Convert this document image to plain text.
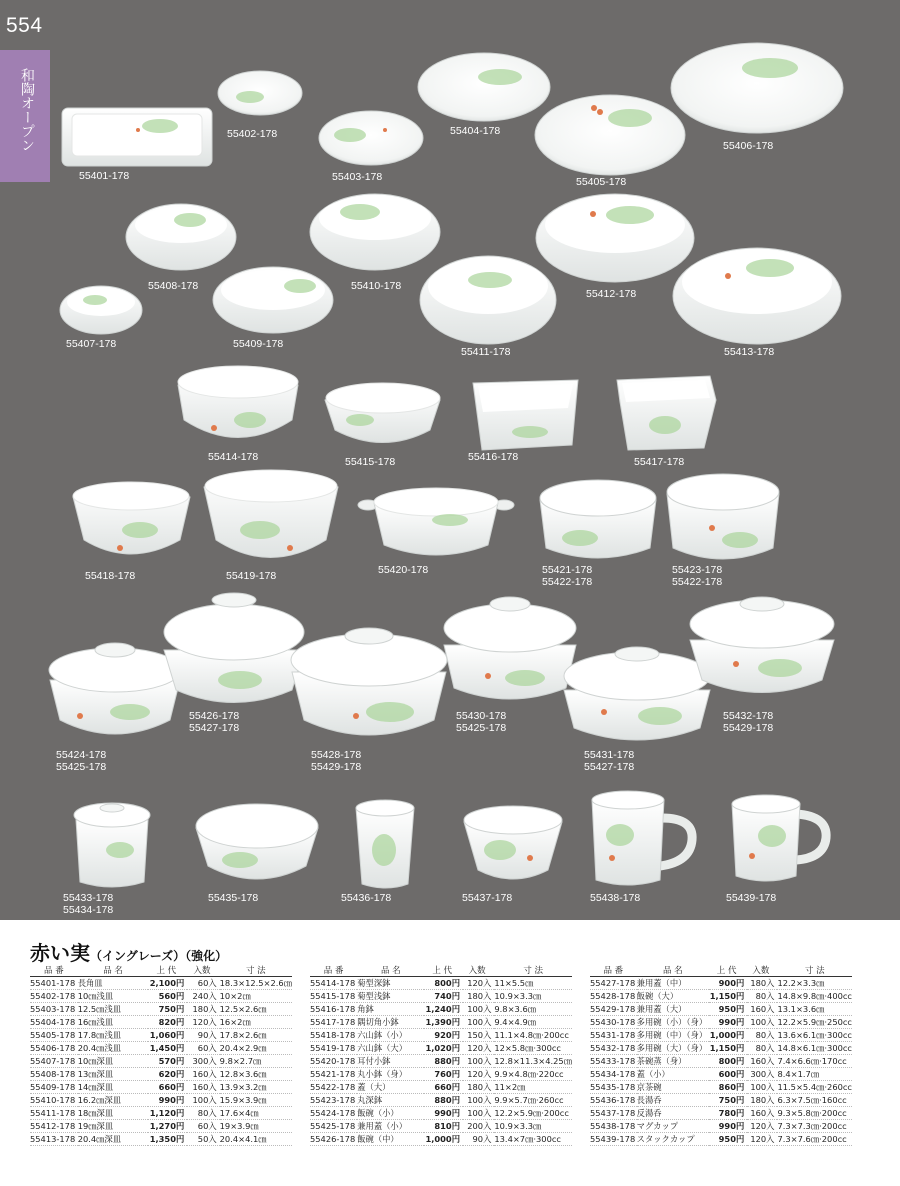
554
和陶オープン
55401-178
55402-178
55403-178
55404-178
55405-178
55406-178
55408-178	55410-178
55412-178
55407-178	55409-178
55411-178	55413-178
55414-178	55415-178	55416-178	55417-178
55418-178	55419-178	55420-178	55421-178
55422-178
55423-178
55422-178
55426-178
55427-178
55430-178
55425-178
55432-178
55429-178
55424-178
55425-178
55428-178
55429-178
55431-178
55427-178
55433-178
55434-178
55435-178	55436-178	55437-178	55438-178	55439-178
赤い実（イングレーズ）（強化）
品 番	品 名	上 代	入数	寸 法
55401-178	長角皿	2,100円	60入	18.3×12.5×2.6㎝
55402-178	10㎝浅皿	560円	240入	10×2㎝
55403-178	12.5㎝浅皿	750円	180入	12.5×2.6㎝
55404-178	16㎝浅皿	820円	120入	16×2㎝
55405-178	17.8㎝浅皿	1,060円	90入	17.8×2.6㎝
55406-178	20.4㎝浅皿	1,450円	60入	20.4×2.9㎝
55407-178	10㎝深皿	570円	300入	9.8×2.7㎝
55408-178	13㎝深皿	620円	160入	12.8×3.6㎝
55409-178	14㎝深皿	660円	160入	13.9×3.2㎝
55410-178	16.2㎝深皿	990円	100入	15.9×3.9㎝
55411-178	18㎝深皿	1,120円	80入	17.6×4㎝
55412-178	19㎝深皿	1,270円	60入	19×3.9㎝
55413-178	20.4㎝深皿	1,350円	50入	20.4×4.1㎝
品 番	品 名	上 代	入数	寸 法
55414-178	菊型深鉢	800円	120入	11×5.5㎝
55415-178	菊型浅鉢	740円	180入	10.9×3.3㎝
55416-178	角鉢	1,240円	100入	9.8×3.6㎝
55417-178	隅切角小鉢	1,390円	100入	9.4×4.9㎝
55418-178	六山鉢（小）	920円	150入	11.1×4.8㎝·200cc
55419-178	六山鉢（大）	1,020円	120入	12×5.8㎝·300cc
55420-178	耳付小鉢	880円	100入	12.8×11.3×4.25㎝
55421-178	丸小鉢（身）	760円	120入	9.9×4.8㎝·220cc
55422-178	蓋（大）	660円	180入	11×2㎝
55423-178	丸深鉢	880円	100入	9.9×5.7㎝·260cc
55424-178	飯碗（小）	990円	100入	12.2×5.9㎝·200cc
55425-178	兼用蓋（小）	810円	200入	10.9×3.3㎝
55426-178	飯碗（中）	1,000円	90入	13.4×7㎝·300cc
品 番	品 名	上 代	入数	寸 法
55427-178	兼用蓋（中）	900円	180入	12.2×3.3㎝
55428-178	飯碗（大）	1,150円	80入	14.8×9.8㎝·400cc
55429-178	兼用蓋（大）	950円	160入	13.1×3.6㎝
55430-178	多用碗（小）（身）	990円	100入	12.2×5.9㎝·250cc
55431-178	多用碗（中）（身）	1,000円	80入	13.6×6.1㎝·300cc
55432-178	多用碗（大）（身）	1,150円	80入	14.8×6.1㎝·300cc
55433-178	茶碗蒸（身）	800円	160入	7.4×6.6㎝·170cc
55434-178	蓋（小）	600円	300入	8.4×1.7㎝
55435-178	京茶碗	860円	100入	11.5×5.4㎝·260cc
55436-178	長湯呑	750円	180入	6.3×7.5㎝·160cc
55437-178	反湯呑	780円	160入	9.3×5.8㎝·200cc
55438-178	マグカップ	990円	120入	7.3×7.3㎝·200cc
55439-178	スタックカップ	950円	120入	7.3×7.6㎝·200cc
